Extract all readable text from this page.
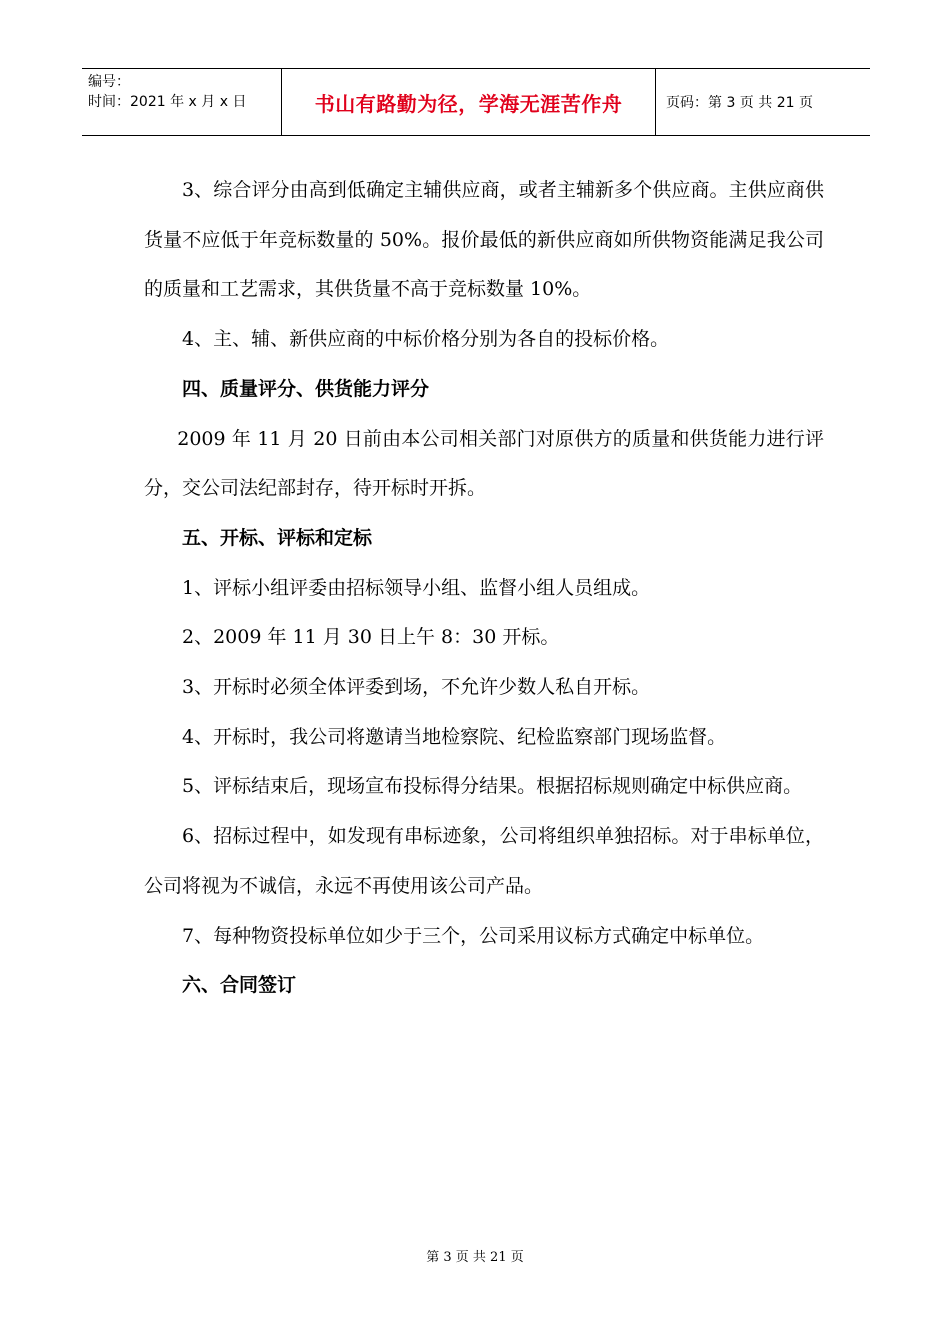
编号：
时间：2021 年 x 月 x 日	书山有路勤为径，学海无涯苦作舟	页码：第 3 页 共 21 页

3、综合评分由高到低确定主辅供应商，或者主辅新多个供应商。主供应商供货量不应低于年竞标数量的 50%。报价最低的新供应商如所供物资能满足我公司的质量和工艺需求，其供货量不高于竞标数量 10%。

4、主、辅、新供应商的中标价格分别为各自的投标价格。

四、质量评分、供货能力评分

2009 年 11 月 20 日前由本公司相关部门对原供方的质量和供货能力进行评分，交公司法纪部封存，待开标时开拆。

五、开标、评标和定标

1、评标小组评委由招标领导小组、监督小组人员组成。

2、2009 年 11 月 30 日上午 8：30 开标。

3、开标时必须全体评委到场，不允许少数人私自开标。

4、开标时，我公司将邀请当地检察院、纪检监察部门现场监督。

5、评标结束后，现场宣布投标得分结果。根据招标规则确定中标供应商。

6、招标过程中，如发现有串标迹象，公司将组织单独招标。对于串标单位，公司将视为不诚信，永远不再使用该公司产品。

7、每种物资投标单位如少于三个，公司采用议标方式确定中标单位。

六、合同签订

第 3 页 共 21 页
